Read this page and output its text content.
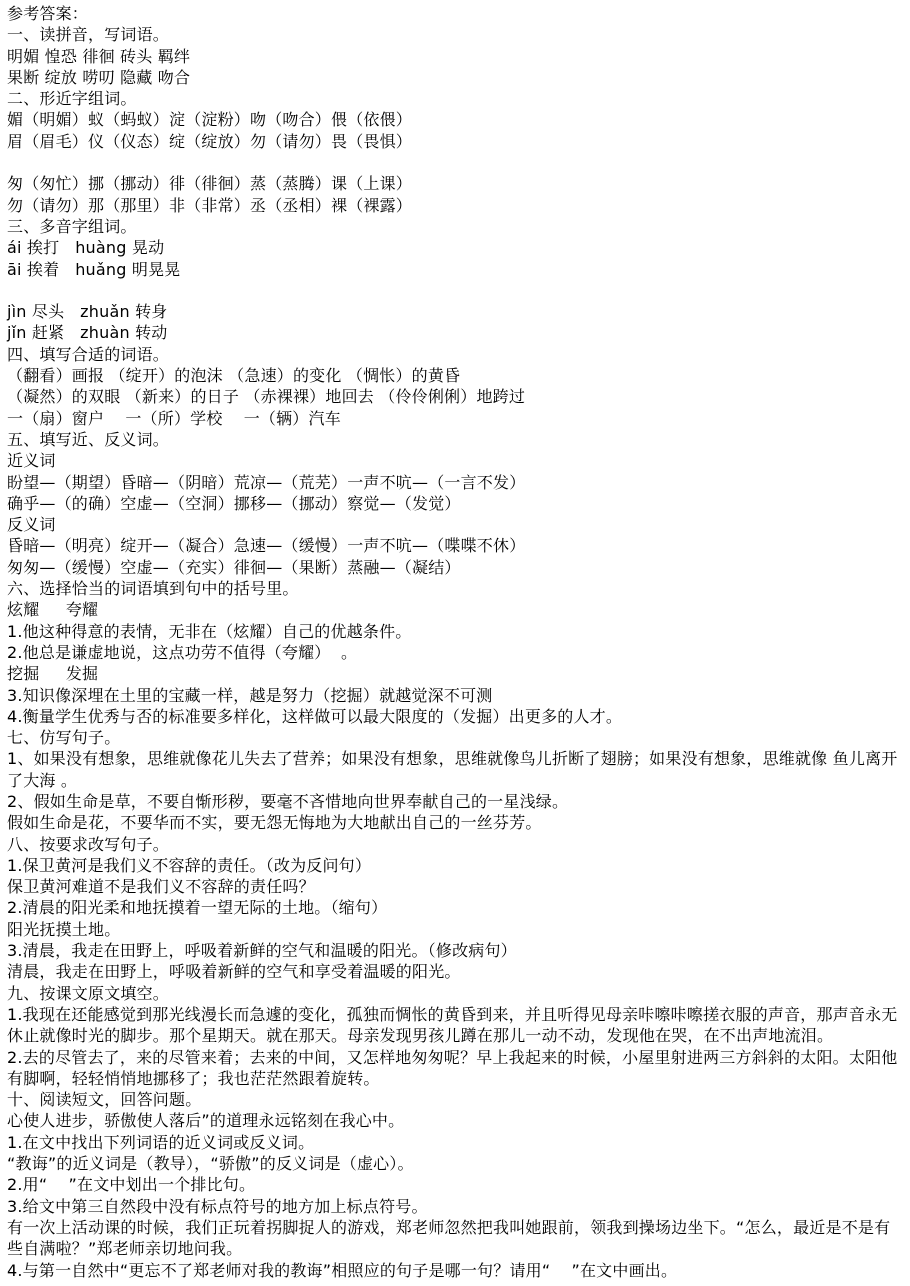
参考答案：
一、读拼音，写词语。
明媚 惶恐 徘徊 砖头 羁绊
果断 绽放 唠叨 隐藏 吻合
二、形近字组词。
媚（明媚）蚁（蚂蚁）淀（淀粉）吻（吻合）偎（依偎）
眉（眉毛）仪（仪态）绽（绽放）勿（请勿）畏（畏惧）
匆（匆忙）挪（挪动）徘（徘徊）蒸（蒸腾）课（上课）
勿（请勿）那（那里）非（非常）丞（丞相）裸（裸露）
三、多音字组词。
ái 挨打   huàng 晃动
āi 挨着   huǎng 明晃晃
jìn 尽头   zhuǎn 转身
jǐn 赶紧   zhuàn 转动
四、填写合适的词语。
（翻看）画报 （绽开）的泡沫 （急速）的变化 （惆怅）的黄昏
（凝然）的双眼 （新来）的日子 （赤裸裸）地回去 （伶伶俐俐）地跨过
一（扇）窗户    一（所）学校    一（辆）汽车
五、填写近、反义词。
近义词
盼望—（期望）昏暗—（阴暗）荒凉—（荒芜）一声不吭—（一言不发）
确乎—（的确）空虚—（空洞）挪移—（挪动）察觉—（发觉）
反义词
昏暗—（明亮）绽开—（凝合）急速—（缓慢）一声不吭—（喋喋不休）
匆匆—（缓慢）空虚—（充实）徘徊—（果断）蒸融—（凝结）
六、选择恰当的词语填到句中的括号里。
炫耀     夸耀
1.他这种得意的表情，无非在（炫耀）自己的优越条件。
2.他总是谦虚地说，这点功劳不值得（夸耀）  。
挖掘     发掘
3.知识像深埋在土里的宝藏一样，越是努力（挖掘）就越觉深不可测
4.衡量学生优秀与否的标准要多样化，这样做可以最大限度的（发掘）出更多的人才。
七、仿写句子。
1、如果没有想象，思维就像花儿失去了营养；如果没有想象，思维就像鸟儿折断了翅膀；如果没有想象，思维就像 鱼儿离开了大海 。
2、假如生命是草，不要自惭形秽，要毫不吝惜地向世界奉献自己的一星浅绿。
假如生命是花，不要华而不实，要无怨无悔地为大地献出自己的一丝芬芳。
八、按要求改写句子。
1.保卫黄河是我们义不容辞的责任。（改为反问句）
保卫黄河难道不是我们义不容辞的责任吗？
2.清晨的阳光柔和地抚摸着一望无际的土地。（缩句）
阳光抚摸土地。
3.清晨，我走在田野上，呼吸着新鲜的空气和温暖的阳光。（修改病句）
清晨，我走在田野上，呼吸着新鲜的空气和享受着温暖的阳光。
九、按课文原文填空。
1.我现在还能感觉到那光线漫长而急遽的变化，孤独而惆怅的黄昏到来，并且听得见母亲咔嚓咔嚓搓衣服的声音，那声音永无休止就像时光的脚步。那个星期天。就在那天。母亲发现男孩儿蹲在那儿一动不动，发现他在哭，在不出声地流泪。
2.去的尽管去了，来的尽管来着；去来的中间，又怎样地匆匆呢？早上我起来的时候，小屋里射进两三方斜斜的太阳。太阳他有脚啊，轻轻悄悄地挪移了；我也茫茫然跟着旋转。
十、阅读短文，回答问题。
心使人进步，骄傲使人落后”的道理永远铭刻在我心中。
1.在文中找出下列词语的近义词或反义词。
“教诲”的近义词是（教导），“骄傲”的反义词是（虚心）。
2.用“    ”在文中划出一个排比句。
3.给文中第三自然段中没有标点符号的地方加上标点符号。
有一次上活动课的时候，我们正玩着拐脚捉人的游戏，郑老师忽然把我叫她跟前，领我到操场边坐下。“怎么，最近是不是有些自满啦？”郑老师亲切地问我。
4.与第一自然中“更忘不了郑老师对我的教诲”相照应的句子是哪一句？请用“    ”在文中画出。
